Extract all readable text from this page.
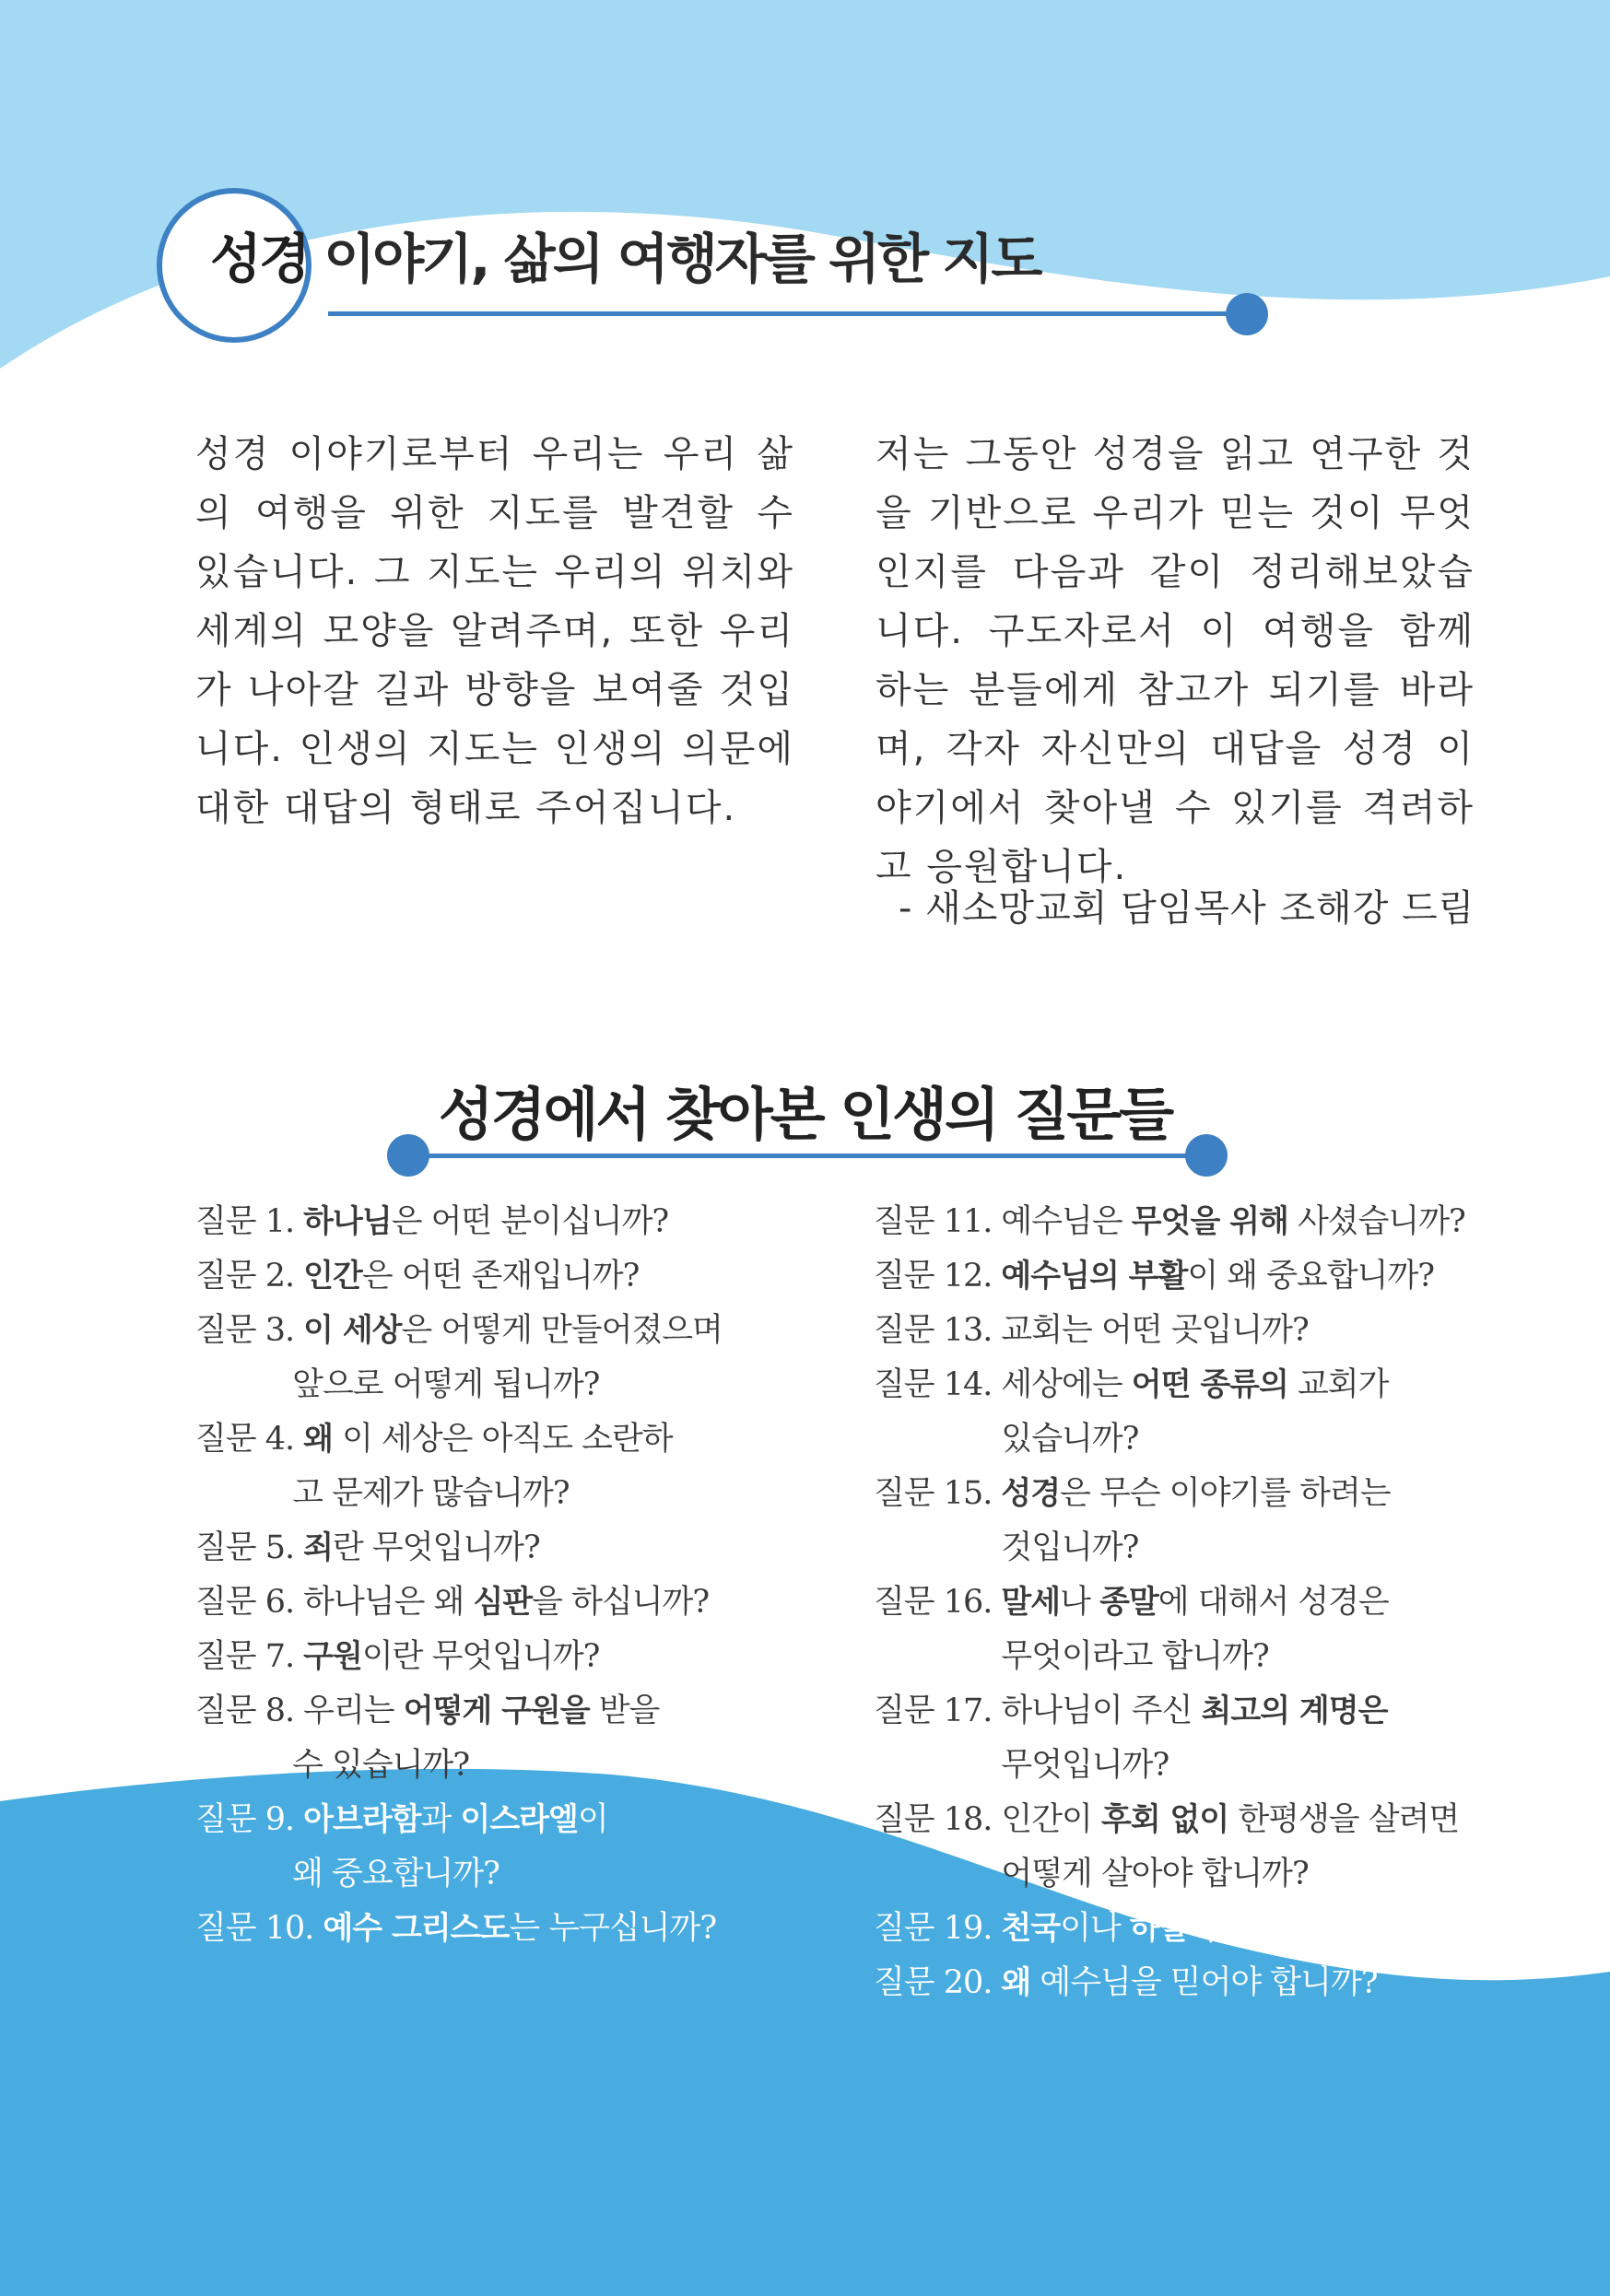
성경 이야기, 삶의 여행자를 위한 지도
성경 이야기로부터 우리는 우리 삶의 여행을 위한 지도를 발견할 수 있습니다. 그 지도는 우리의 위치와 세계의 모양을 알려주며, 또한 우리가 나아갈 길과 방향을 보여줄 것입니다. 인생의 지도는 인생의 의문에 대한 대답의 형태로 주어집니다.
저는 그동안 성경을 읽고 연구한 것을 기반으로 우리가 믿는 것이 무엇인지를 다음과 같이 정리해보았습니다. 구도자로서 이 여행을 함께 하는 분들에게 참고가 되기를 바라며, 각자 자신만의 대답을 성경 이야기에서 찾아낼 수 있기를 격려하고 응원합니다.
- 새소망교회 담임목사 조해강 드림
성경에서 찾아본 인생의 질문들
질문 1. 하나님은 어떤 분이십니까?
질문 2. 인간은 어떤 존재입니까?
질문 3. 이 세상은 어떻게 만들어졌으며
앞으로 어떻게 됩니까?
질문 4. 왜 이 세상은 아직도 소란하
고 문제가 많습니까?
질문 5. 죄란 무엇입니까?
질문 6. 하나님은 왜 심판을 하십니까?
질문 7. 구원이란 무엇입니까?
질문 8. 우리는 어떻게 구원을 받을
수 있습니까?
질문 9. 아브라함과 이스라엘이
왜 중요합니까?
질문 10. 예수 그리스도는 누구십니까?
질문 11. 예수님은 무엇을 위해 사셨습니까?
질문 12. 예수님의 부활이 왜 중요합니까?
질문 13. 교회는 어떤 곳입니까?
질문 14. 세상에는 어떤 종류의 교회가
있습니까?
질문 15. 성경은 무슨 이야기를 하려는
것입니까?
질문 16. 말세나 종말에 대해서 성경은
무엇이라고 합니까?
질문 17. 하나님이 주신 최고의 계명은
무엇입니까?
질문 18. 인간이 후회 없이 한평생을 살려면
어떻게 살아야 합니까?
질문 19. 천국이나 하늘나라는 무엇입니까?
질문 20. 왜 예수님을 믿어야 합니까?
